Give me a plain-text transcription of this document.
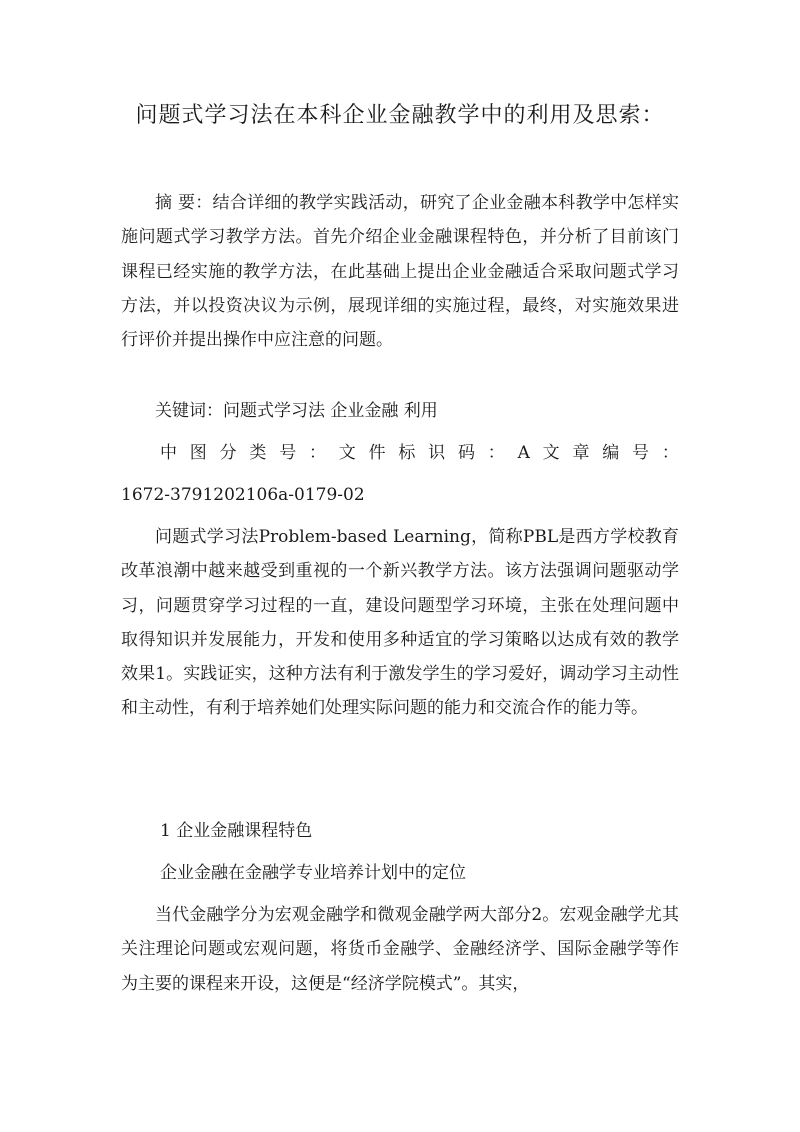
问题式学习法在本科企业金融教学中的利用及思索：
摘 要：结合详细的教学实践活动，研究了企业金融本科教学中怎样实施问题式学习教学方法。首先介绍企业金融课程特色，并分析了目前该门课程已经实施的教学方法，在此基础上提出企业金融适合采取问题式学习方法，并以投资决议为示例，展现详细的实施过程，最终，对实施效果进行评价并提出操作中应注意的问题。
关键词：问题式学习法 企业金融 利用
中 图 分 类 号 ： 文 件 标 识 码 ： A 文 章 编 号 ：
1672-3791202106a-0179-02
问题式学习法Problem-based Learning，简称PBL是西方学校教育改革浪潮中越来越受到重视的一个新兴教学方法。该方法强调问题驱动学习，问题贯穿学习过程的一直，建设问题型学习环境，主张在处理问题中取得知识并发展能力，开发和使用多种适宜的学习策略以达成有效的教学效果1。实践证实，这种方法有利于激发学生的学习爱好，调动学习主动性和主动性，有利于培养她们处理实际问题的能力和交流合作的能力等。
1 企业金融课程特色
企业金融在金融学专业培养计划中的定位
当代金融学分为宏观金融学和微观金融学两大部分2。宏观金融学尤其关注理论问题或宏观问题，将货币金融学、金融经济学、国际金融学等作为主要的课程来开设，这便是“经济学院模式”。其实，
